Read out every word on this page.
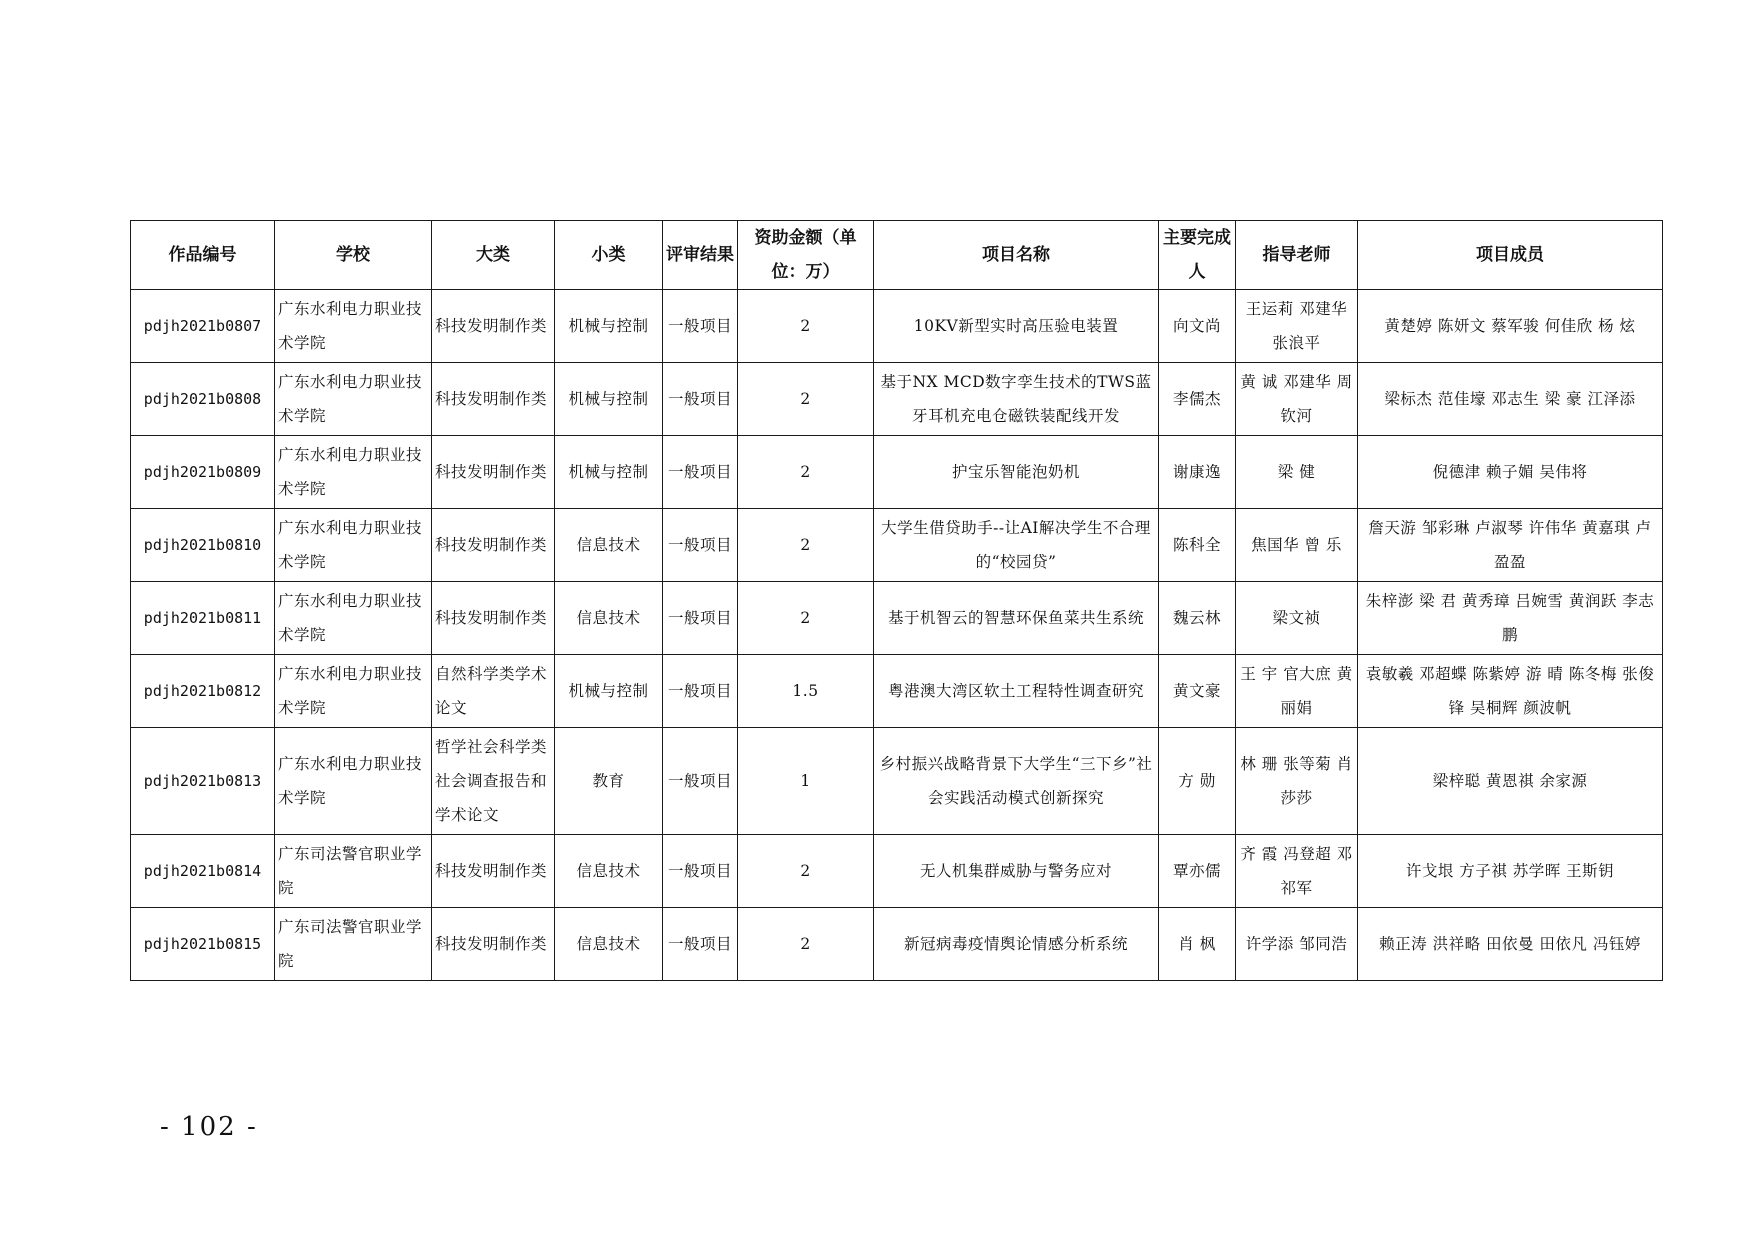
作品编号	学校	大类	小类	评审结果	资助金额（单位：万）	项目名称	主要完成人	指导老师	项目成员
pdjh2021b0807	广东水利电力职业技术学院	科技发明制作类	机械与控制	一般项目	2	10KV新型实时高压验电装置	向文尚	王运莉 邓建华 张浪平	黄楚婷 陈妍文 蔡军骏 何佳欣 杨 炫
pdjh2021b0808	广东水利电力职业技术学院	科技发明制作类	机械与控制	一般项目	2	基于NX MCD数字孪生技术的TWS蓝牙耳机充电仓磁铁装配线开发	李儒杰	黄 诚 邓建华 周钦河	梁标杰 范佳壕 邓志生 梁 豪 江泽添
pdjh2021b0809	广东水利电力职业技术学院	科技发明制作类	机械与控制	一般项目	2	护宝乐智能泡奶机	谢康逸	梁 健	倪德津 赖子媚 吴伟将
pdjh2021b0810	广东水利电力职业技术学院	科技发明制作类	信息技术	一般项目	2	大学生借贷助手--让AI解决学生不合理的“校园贷”	陈科全	焦国华 曾 乐	詹天游 邹彩琳 卢淑琴 许伟华 黄嘉琪 卢盈盈
pdjh2021b0811	广东水利电力职业技术学院	科技发明制作类	信息技术	一般项目	2	基于机智云的智慧环保鱼菜共生系统	魏云林	梁文祯	朱梓澎 梁 君 黄秀璋 吕婉雪 黄润跃 李志鹏
pdjh2021b0812	广东水利电力职业技术学院	自然科学类学术论文	机械与控制	一般项目	1.5	粤港澳大湾区软土工程特性调查研究	黄文豪	王 宇 官大庶 黄丽娟	袁敏羲 邓超蝶 陈紫婷 游 晴 陈冬梅 张俊锋 吴桐辉 颜波帆
pdjh2021b0813	广东水利电力职业技术学院	哲学社会科学类社会调查报告和学术论文	教育	一般项目	1	乡村振兴战略背景下大学生“三下乡”社会实践活动模式创新探究	方 勋	林 珊 张等菊 肖莎莎	梁梓聪 黄恩祺 余家源
pdjh2021b0814	广东司法警官职业学院	科技发明制作类	信息技术	一般项目	2	无人机集群威胁与警务应对	覃亦儒	齐 霞 冯登超 邓祁军	许戈垠 方子祺 苏学晖 王斯钥
pdjh2021b0815	广东司法警官职业学院	科技发明制作类	信息技术	一般项目	2	新冠病毒疫情舆论情感分析系统	肖 枫	许学添 邹同浩	赖正涛 洪祥略 田依曼 田依凡 冯钰婷
- 102 -
